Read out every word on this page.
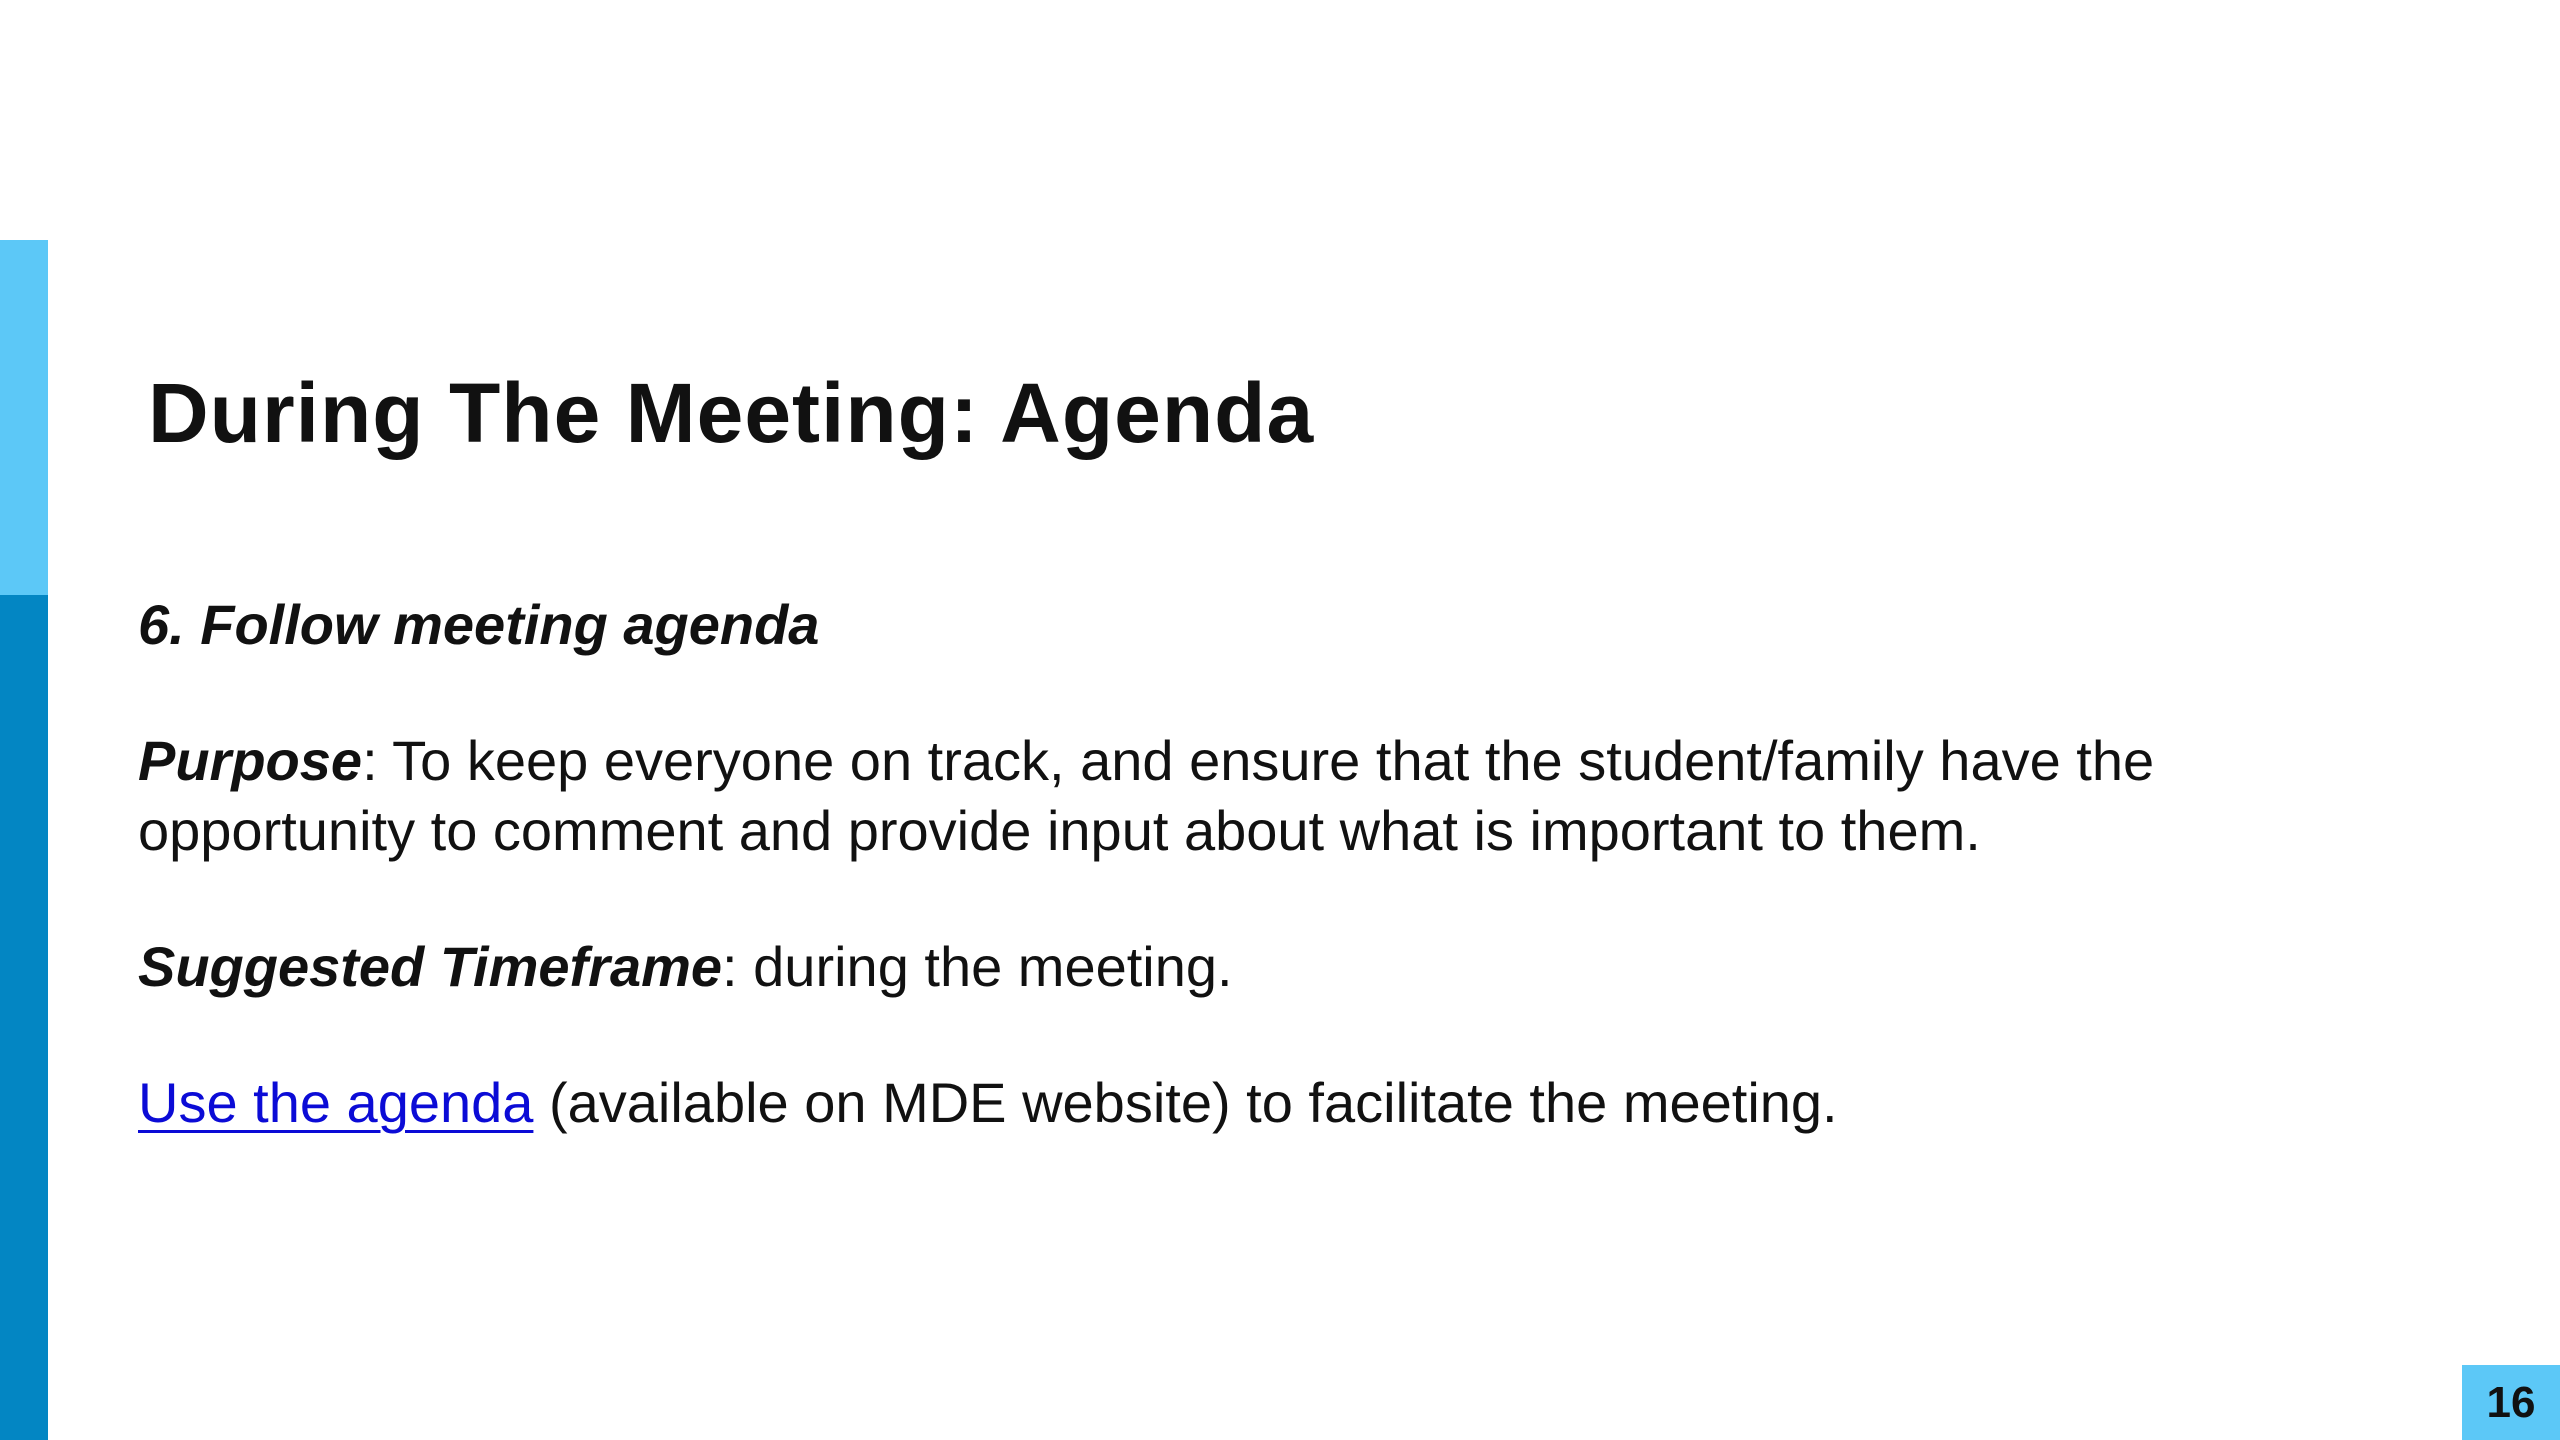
During The Meeting: Agenda

6. Follow meeting agenda

Purpose: To keep everyone on track, and ensure that the student/family have the opportunity to comment and provide input about what is important to them.

Suggested Timeframe: during the meeting.

Use the agenda (available on MDE website) to facilitate the meeting.

16
